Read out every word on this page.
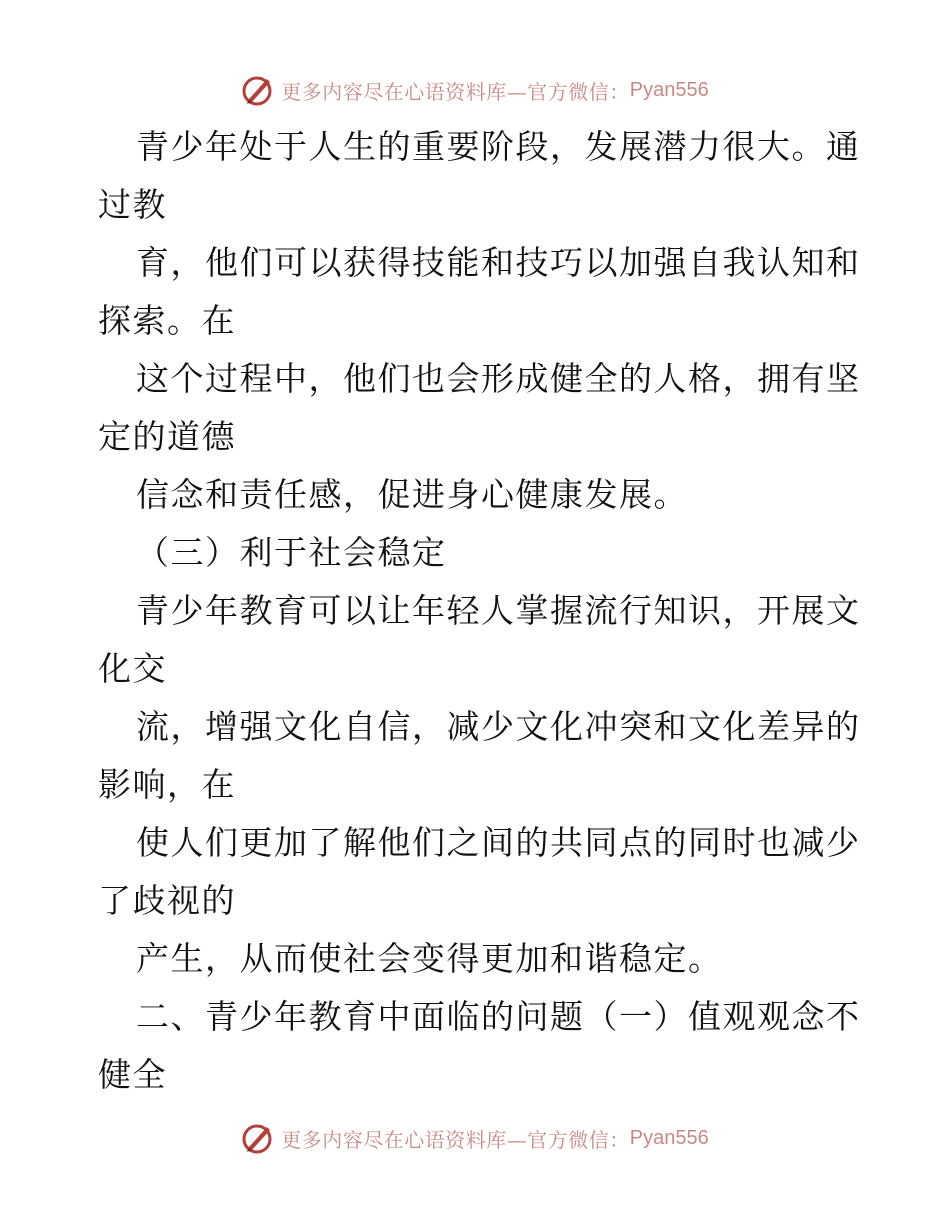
更多内容尽在心语资料库—官方微信： Pyan556
青少年处于人生的重要阶段，发展潜力很大。通
过教
育，他们可以获得技能和技巧以加强自我认知和
探索。在
这个过程中，他们也会形成健全的人格，拥有坚
定的道德
信念和责任感，促进身心健康发展。
（三）利于社会稳定
青少年教育可以让年轻人掌握流行知识，开展文
化交
流，增强文化自信，减少文化冲突和文化差异的
影响，在
使人们更加了解他们之间的共同点的同时也减少
了歧视的
产生，从而使社会变得更加和谐稳定。
二、青少年教育中面临的问题（一）值观观念不
健全
更多内容尽在心语资料库—官方微信： Pyan556
